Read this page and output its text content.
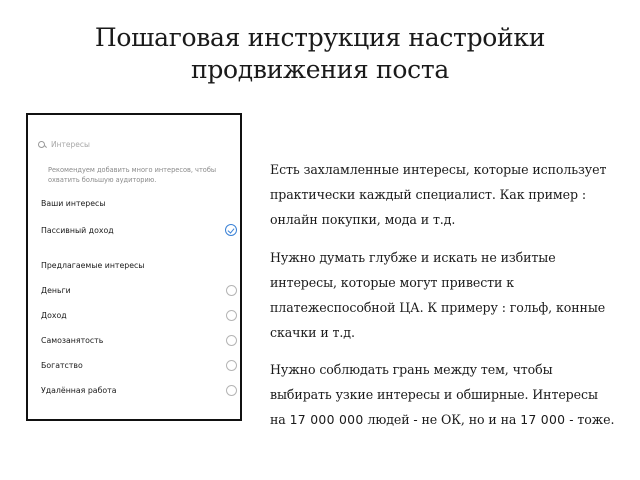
Пошаговая инструкция настройки
продвижения поста
Интересы
Рекомендуем добавить много интересов, чтобы охватить большую аудиторию.
Ваши интересы
Пассивный доход
Предлагаемые интересы
Деньги
Доход
Самозанятость
Богатство
Удалённая работа
Есть захламленные интересы, которые использует практически каждый специалист. Как пример : онлайн покупки, мода и т.д.
Нужно думать глубже и искать не избитые интересы, которые могут привести к платежеспособной ЦА. К примеру : гольф, конные скачки и т.д.
Нужно соблюдать грань между тем, чтобы выбирать узкие интересы и обширные. Интересы на 17 000 000 людей - не ОК, но и на 17 000 - тоже.
